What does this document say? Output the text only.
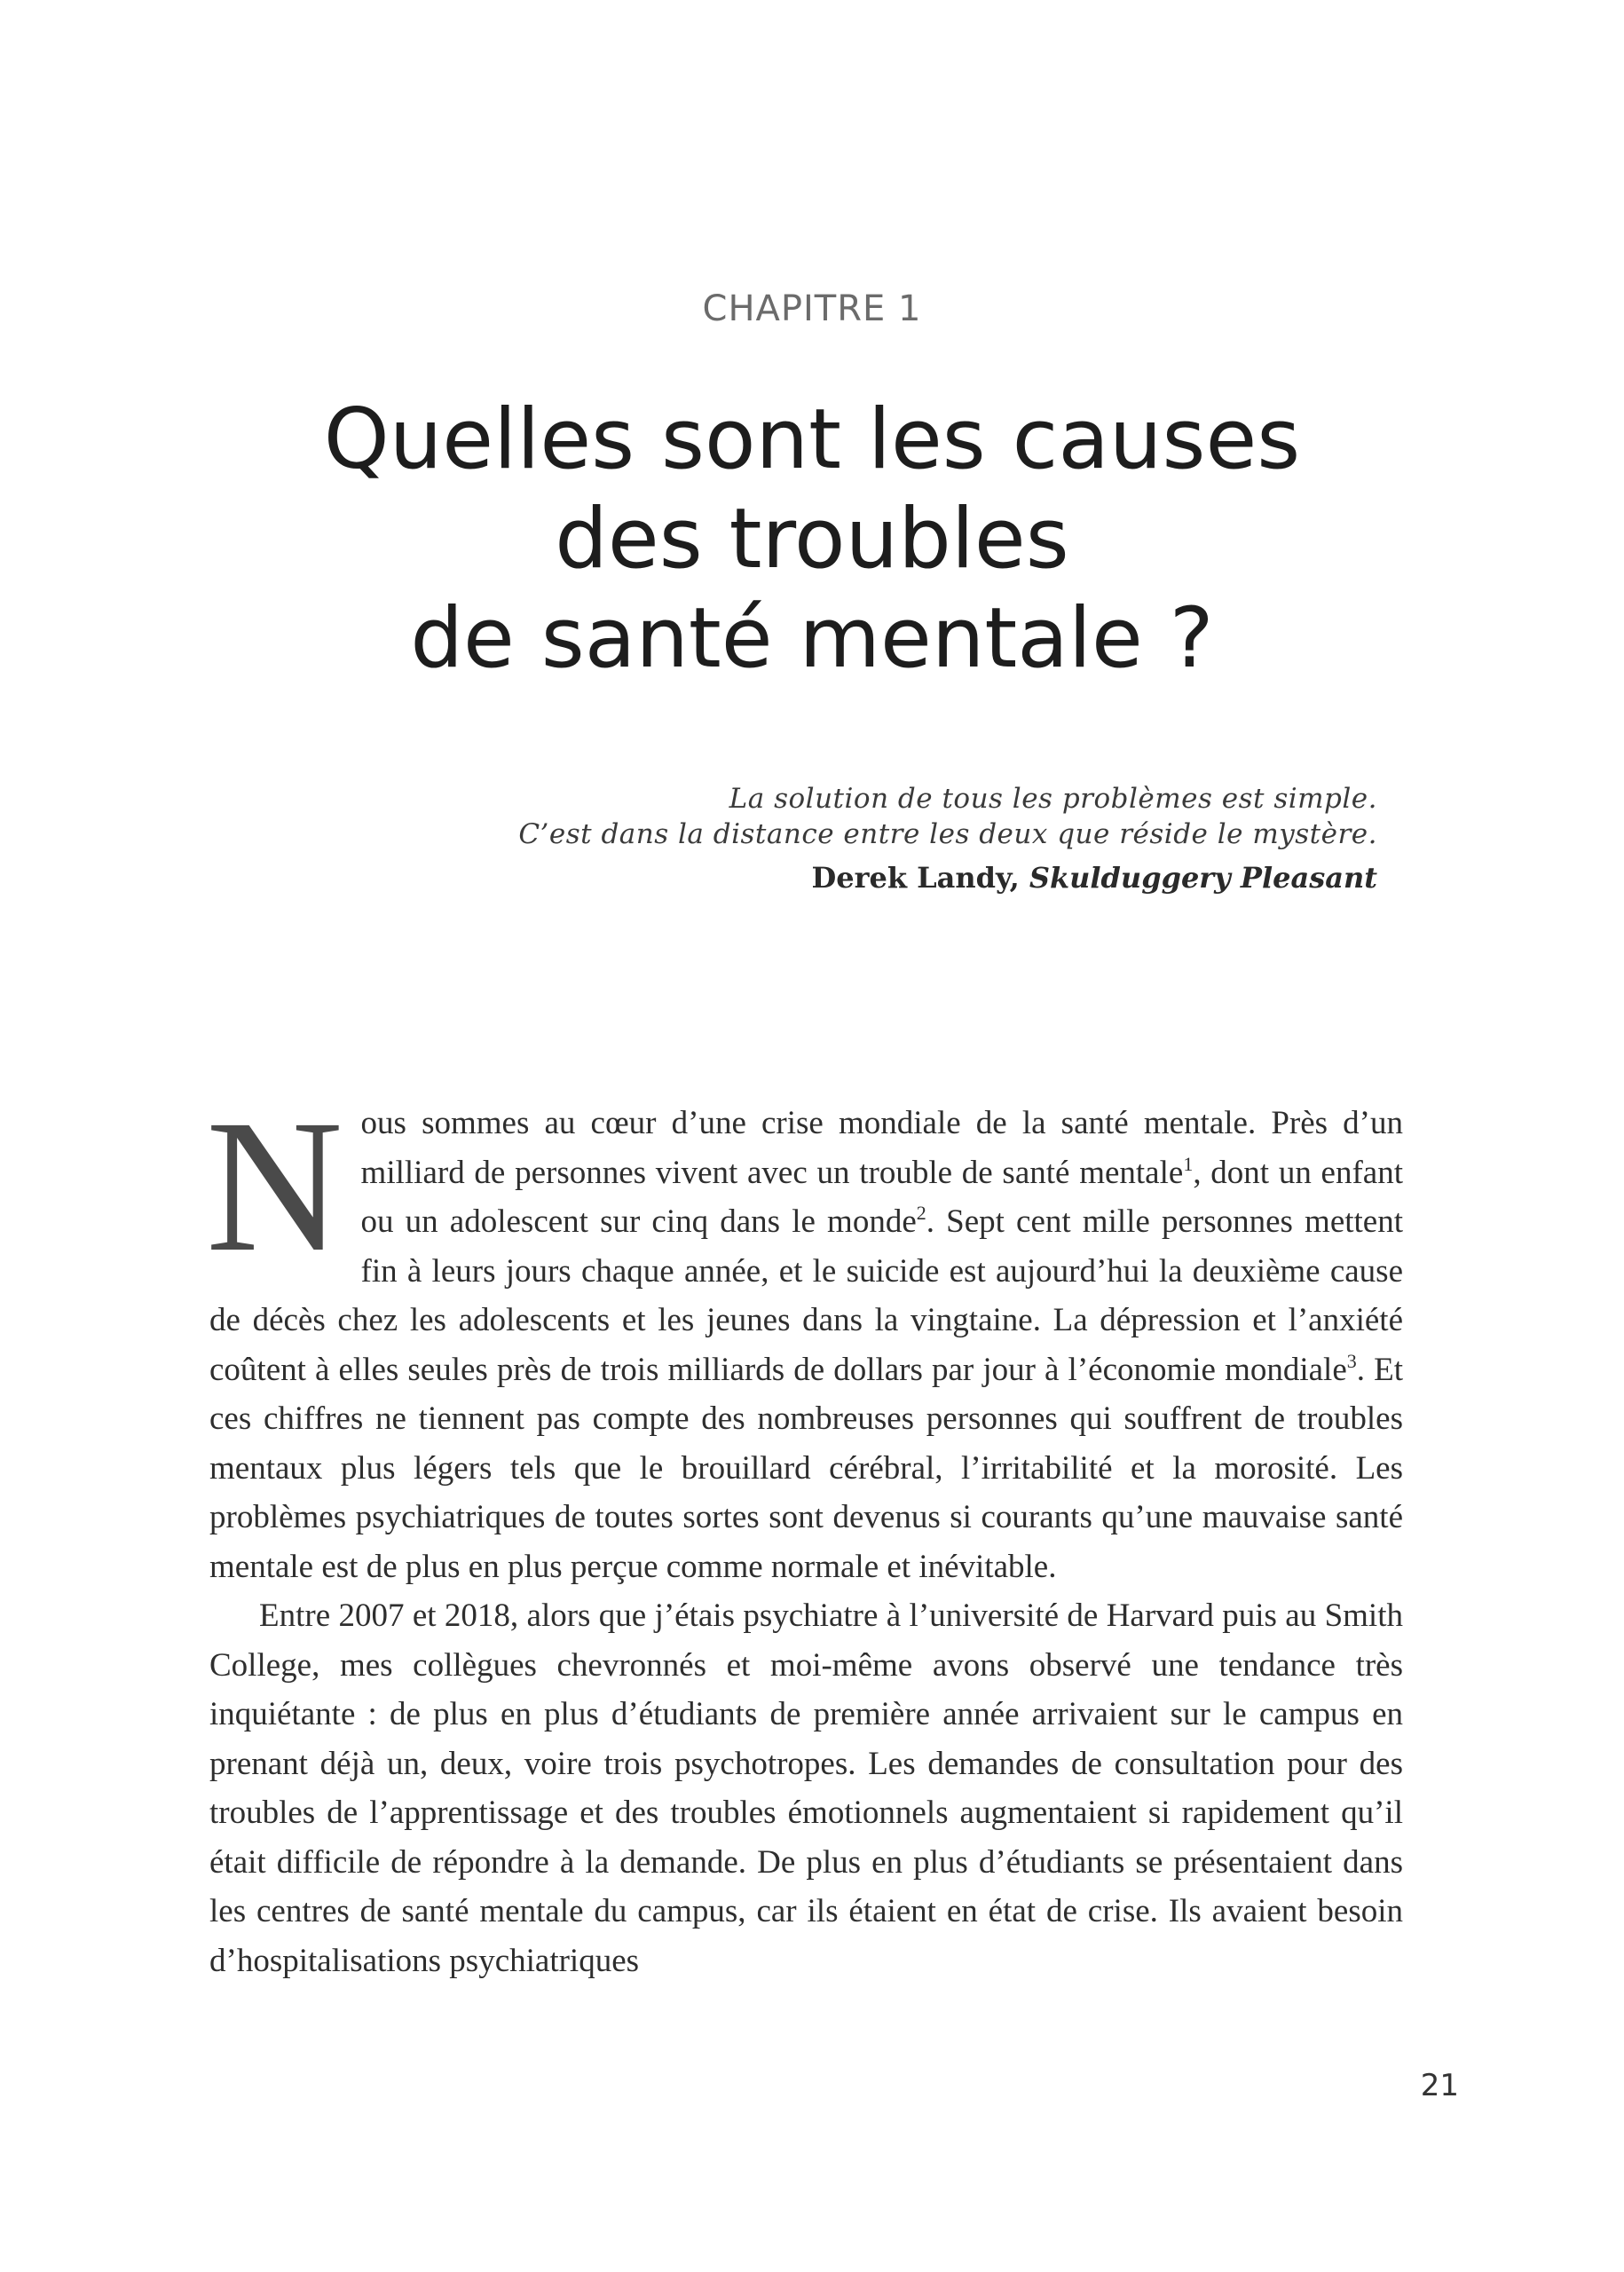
CHAPITRE 1
Quelles sont les causes
des troubles
de santé mentale ?
La solution de tous les problèmes est simple.
C’est dans la distance entre les deux que réside le mystère.
Derek Landy, Skulduggery Pleasant

Nous sommes au cœur d’une crise mondiale de la santé mentale. Près d’un milliard de personnes vivent avec un trouble de santé mentale$^1$, dont un enfant ou un adolescent sur cinq dans le monde$^2$. Sept cent mille personnes mettent fin à leurs jours chaque année, et le suicide est aujourd’hui la deuxième cause de décès chez les adolescents et les jeunes dans la vingtaine. La dépression et l’anxiété coûtent à elles seules près de trois milliards de dollars par jour à l’économie mondiale$^3$. Et ces chiffres ne tiennent pas compte des nombreuses personnes qui souffrent de troubles mentaux plus légers tels que le brouillard cérébral, l’irritabilité et la morosité. Les problèmes psychiatriques de toutes sortes sont devenus si courants qu’une mauvaise santé mentale est de plus en plus perçue comme normale et inévitable.

Entre 2007 et 2018, alors que j’étais psychiatre à l’université de Harvard puis au Smith College, mes collègues chevronnés et moi-même avons observé une tendance très inquiétante : de plus en plus d’étudiants de première année arrivaient sur le campus en prenant déjà un, deux, voire trois psychotropes. Les demandes de consultation pour des troubles de l’apprentissage et des troubles émotionnels augmentaient si rapidement qu’il était difficile de répondre à la demande. De plus en plus d’étudiants se présentaient dans les centres de santé mentale du campus, car ils étaient en état de crise. Ils avaient besoin d’hospitalisations psychiatriques

21
